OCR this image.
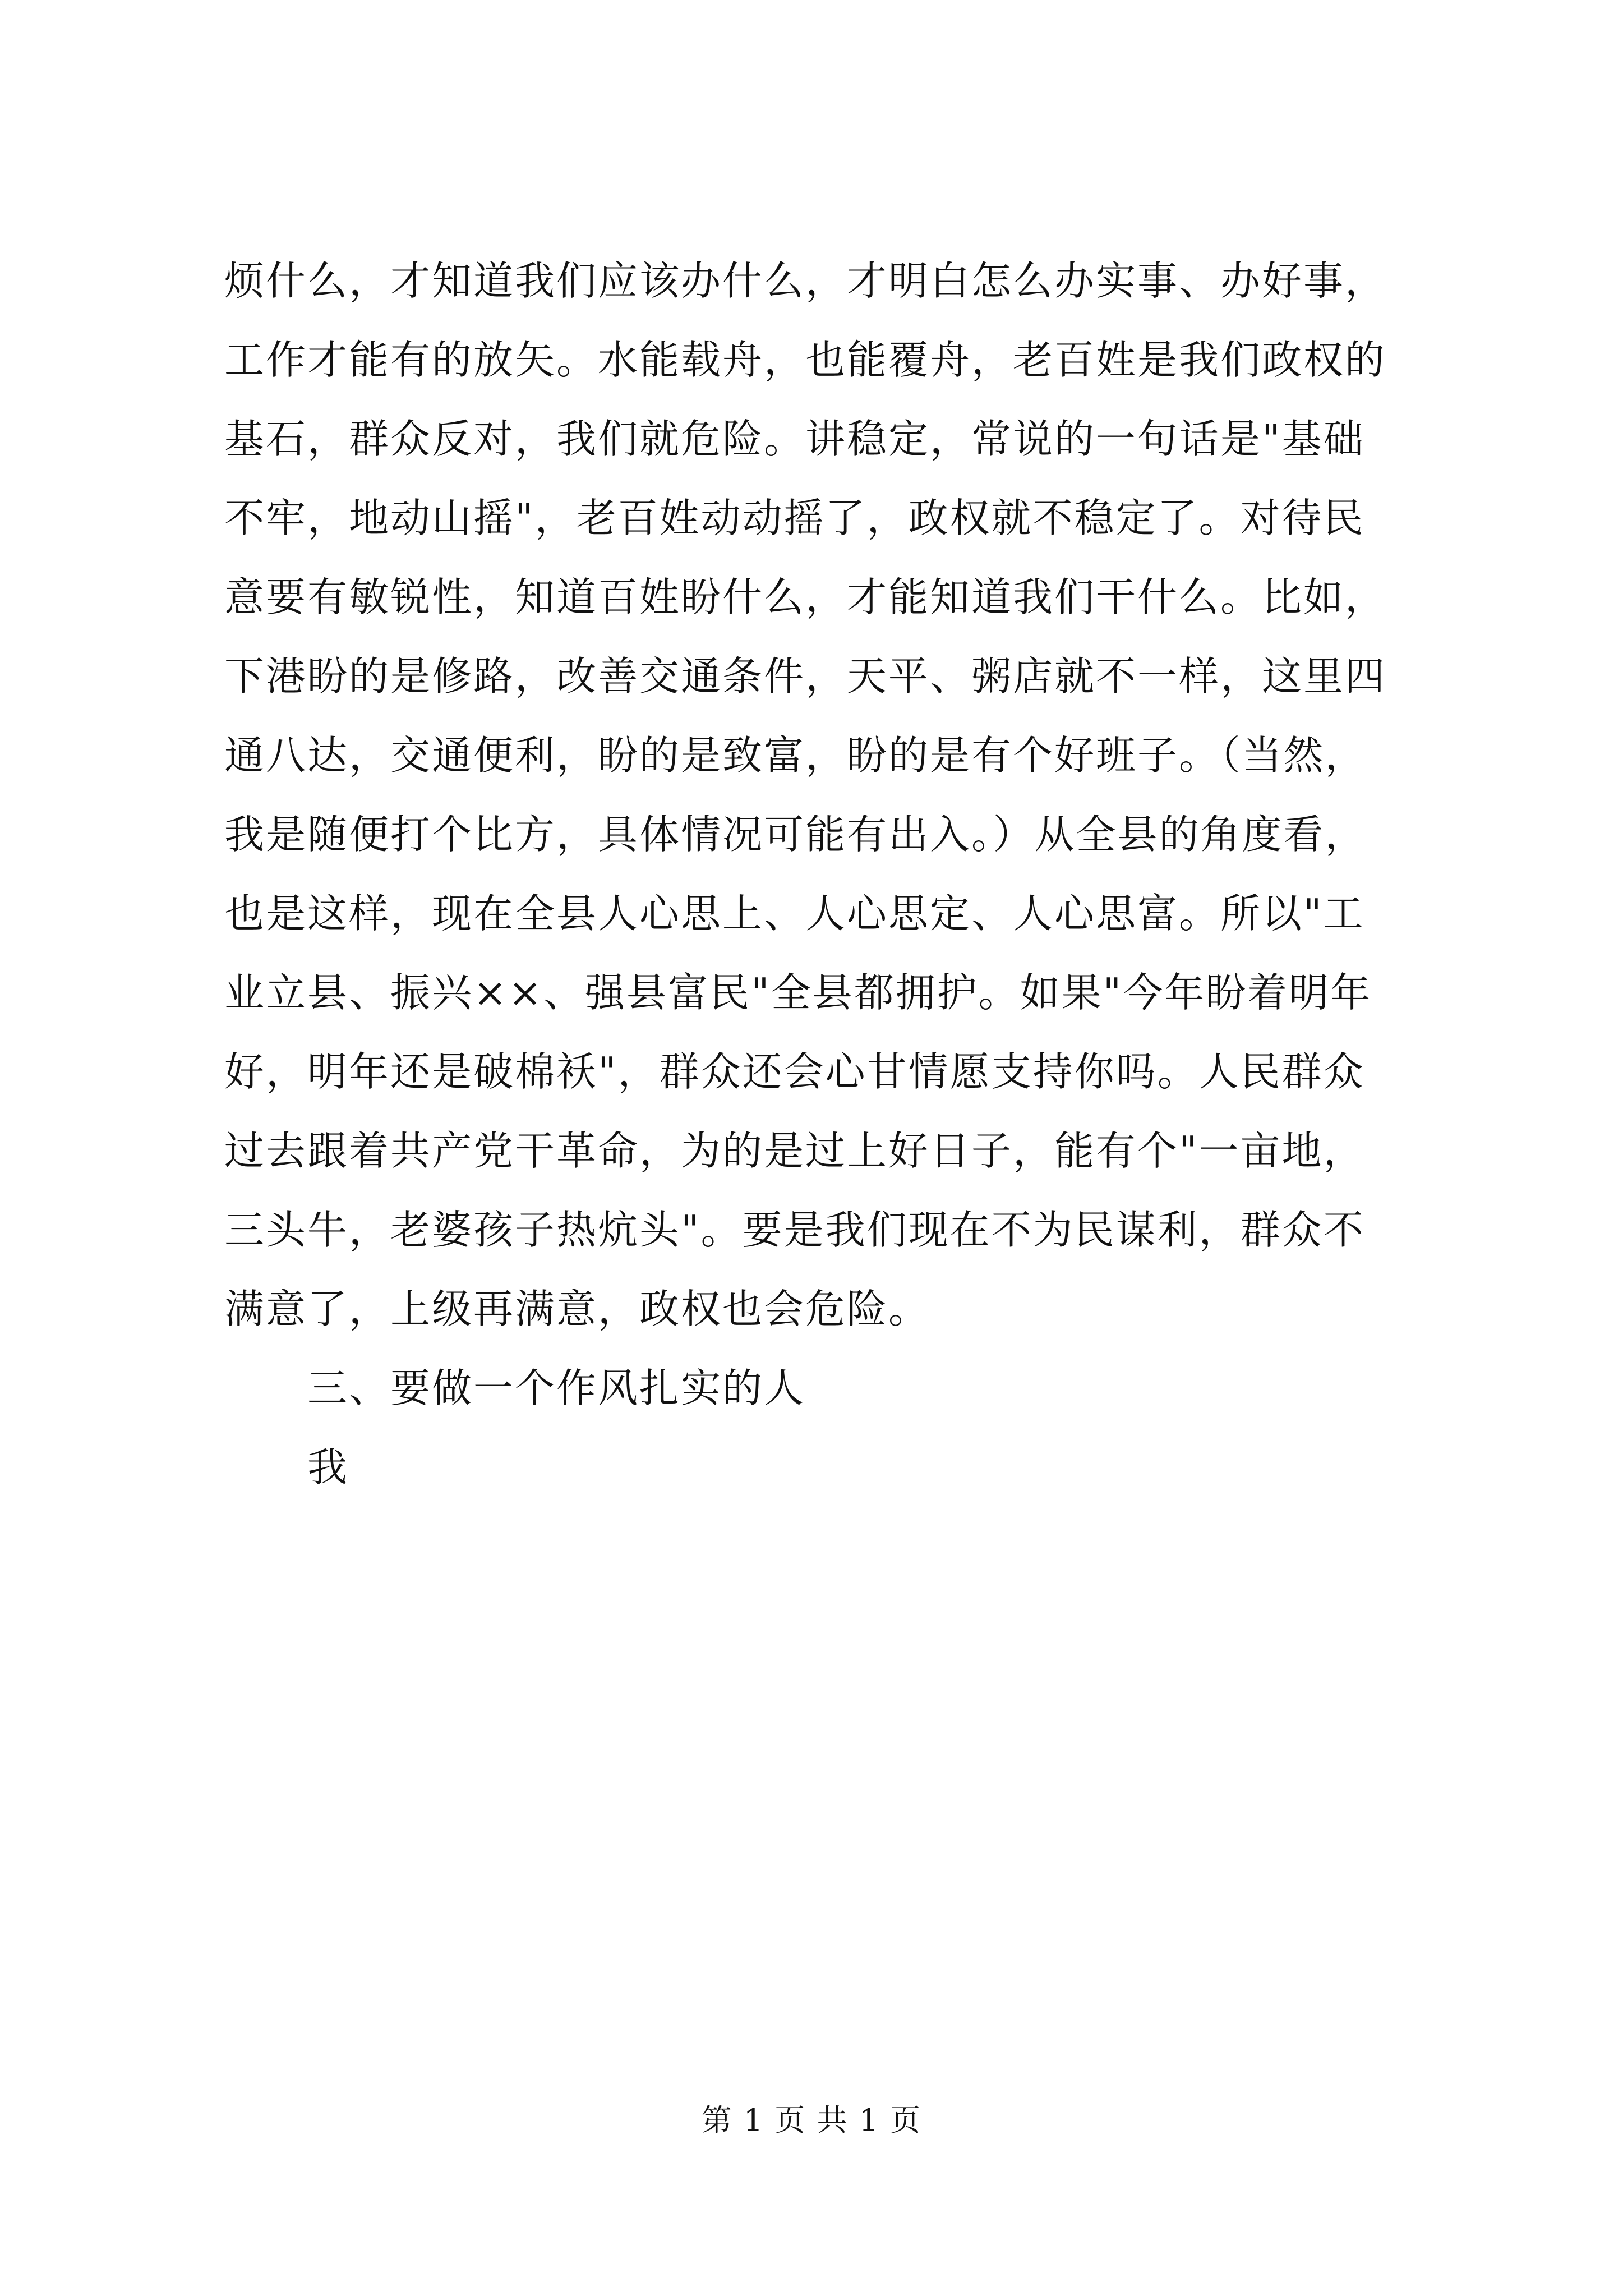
烦什么，才知道我们应该办什么，才明白怎么办实事、办好事，
工作才能有的放矢。水能载舟，也能覆舟，老百姓是我们政权的
基石，群众反对，我们就危险。讲稳定，常说的一句话是"基础
不牢，地动山摇"，老百姓动动摇了，政权就不稳定了。对待民
意要有敏锐性，知道百姓盼什么，才能知道我们干什么。比如，
下港盼的是修路，改善交通条件，天平、粥店就不一样，这里四
通八达，交通便利，盼的是致富，盼的是有个好班子。（当然，
我是随便打个比方，具体情况可能有出入。）从全县的角度看，
也是这样，现在全县人心思上、人心思定、人心思富。所以"工
业立县、振兴××、强县富民"全县都拥护。如果"今年盼着明年
好，明年还是破棉袄"，群众还会心甘情愿支持你吗。人民群众
过去跟着共产党干革命，为的是过上好日子，能有个"一亩地，
三头牛，老婆孩子热炕头"。要是我们现在不为民谋利，群众不
满意了，上级再满意，政权也会危险。
三、要做一个作风扎实的人
我
第 1 页 共 1 页
